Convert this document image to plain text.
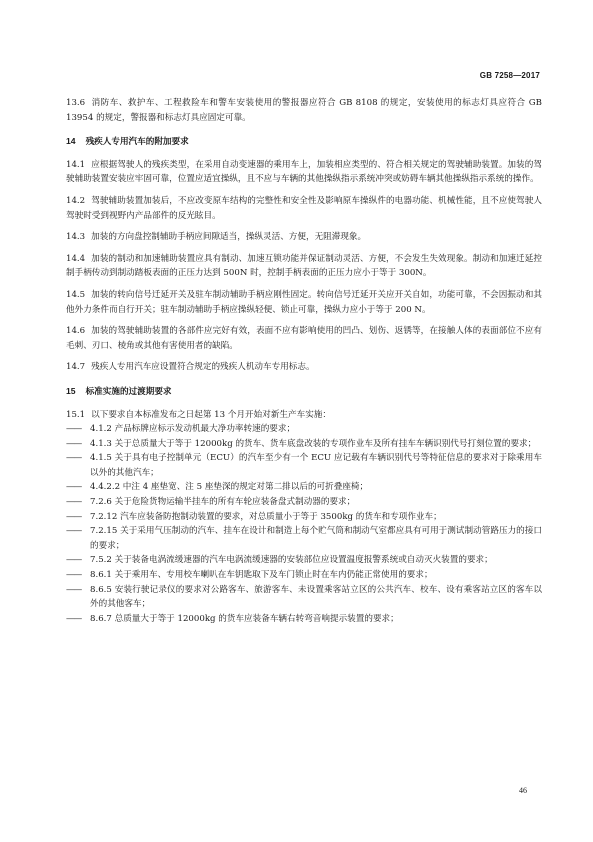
GB 7258—2017

13.6 消防车、救护车、工程救险车和警车安装使用的警报器应符合 GB 8108 的规定，安装使用的标志灯具应符合 GB 13954 的规定，警报器和标志灯具应固定可靠。

14 残疾人专用汽车的附加要求

14.1 应根据驾驶人的残疾类型，在采用自动变速器的乘用车上，加装相应类型的、符合相关规定的驾驶辅助装置。加装的驾驶辅助装置安装应牢固可靠，位置应适宜操纵，且不应与车辆的其他操纵指示系统冲突或妨碍车辆其他操纵指示系统的操作。

14.2 驾驶辅助装置加装后，不应改变原车结构的完整性和安全性及影响原车操纵件的电器功能、机械性能，且不应使驾驶人驾驶时受到视野内产品部件的反光眩目。

14.3 加装的方向盘控制辅助手柄应间隙适当，操纵灵活、方便，无阻滞现象。

14.4 加装的制动和加速辅助装置应具有制动、加速互锁功能并保证制动灵活、方便，不会发生失效现象。制动和加速迁延控制手柄传动到制动踏板表面的正压力达到 500N 时，控制手柄表面的正压力应小于等于 300N。

14.5 加装的转向信号迁延开关及驻车制动辅助手柄应刚性固定。转向信号迁延开关应开关自如，功能可靠，不会因振动和其他外力条件而自行开关；驻车制动辅助手柄应操纵轻便、锁止可靠，操纵力应小于等于 200 N。

14.6 加装的驾驶辅助装置的各部件应完好有效，表面不应有影响使用的凹凸、划伤、返锈等，在接触人体的表面部位不应有毛刺、刃口、棱角或其他有害使用者的缺陷。

14.7 残疾人专用汽车应设置符合规定的残疾人机动车专用标志。

15 标准实施的过渡期要求

15.1 以下要求自本标准发布之日起第 13 个月开始对新生产车实施：

—— 4.1.2 产品标牌应标示发动机最大净功率转速的要求；

—— 4.1.3 关于总质量大于等于 12000kg 的货车、货车底盘改装的专项作业车及所有挂车车辆识别代号打刻位置的要求；

—— 4.1.5 关于具有电子控制单元（ECU）的汽车至少有一个 ECU 应记载有车辆识别代号等特征信息的要求对于除乘用车以外的其他汽车；

—— 4.4.2.2 中注 4 座垫宽、注 5 座垫深的规定对第二排以后的可折叠座椅；

—— 7.2.6 关于危险货物运输半挂车的所有车轮应装备盘式制动器的要求；

—— 7.2.12 汽车应装备防抱制动装置的要求，对总质量小于等于 3500kg 的货车和专项作业车；

—— 7.2.15 关于采用气压制动的汽车、挂车在设计和制造上每个贮气筒和制动气室都应具有可用于测试制动管路压力的接口的要求；

—— 7.5.2 关于装备电涡流缓速器的汽车电涡流缓速器的安装部位应设置温度报警系统或自动灭火装置的要求；

—— 8.6.1 关于乘用车、专用校车喇叭在车钥匙取下及车门锁止时在车内仍能正常使用的要求；

—— 8.6.5 安装行驶记录仪的要求对公路客车、旅游客车、未设置乘客站立区的公共汽车、校车、设有乘客站立区的客车以外的其他客车；

—— 8.6.7 总质量大于等于 12000kg 的货车应装备车辆右转弯音响提示装置的要求；

46
